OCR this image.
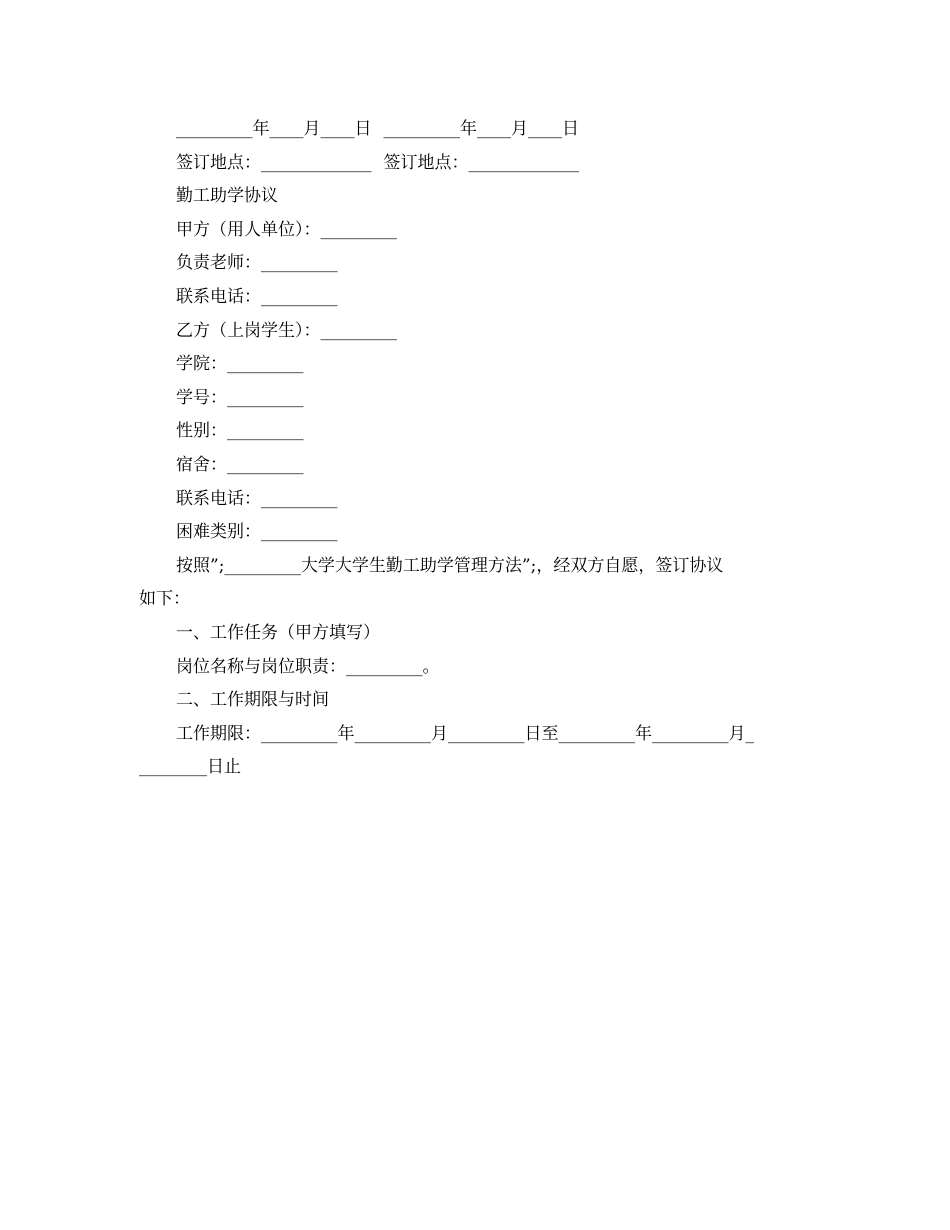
_________年____月____日 _________年____月____日
签订地点：_____________ 签订地点：_____________
勤工助学协议
甲方（用人单位）：_________
负责老师：_________
联系电话：_________
乙方（上岗学生）：_________
学院：_________
学号：_________
性别：_________
宿舍：_________
联系电话：_________
困难类别：_________
按照”;_________大学大学生勤工助学管理方法”;，经双方自愿，签订协议
如下：
一、工作任务（甲方填写）
岗位名称与岗位职责：_________。
二、工作期限与时间
工作期限：_________年_________月_________日至_________年_________月_
________日止
